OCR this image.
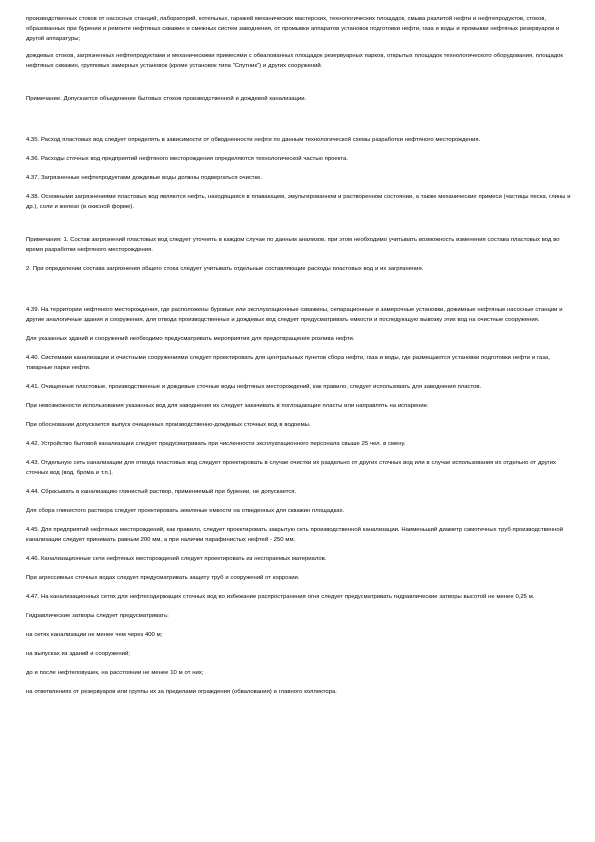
производственных стоков от насосных станций, лабораторий, котельных, гаражей механических мастерских, технологических площадок, смыва разлитой нефти и нефтепродуктов, стоков, образованных при бурении и ремонте нефтяных скважин и смежных систем заводнения, от промывки аппаратов установок подготовки нефти, газа и воды и промывки нефтяных резервуаров и другой аппаратуры;

дождевых стоков, загрязненных нефтепродуктами и механическими примесями с обвалованных площадок резервуарных парков, открытых площадок технологического оборудования, площадок нефтяных скважин, групповых замерных установок (кроме установок типа "Спутник") и других сооружений.

Примечание. Допускается объединение бытовых стоков производственной и дождевой канализации.

4.35. Расход пластовых вод следует определять в зависимости от обводненности нефти по данным технологической схемы разработки нефтяного месторождения.

4.36. Расходы сточных вод предприятий нефтяного месторождения определяются технологической частью проекта.

4.37. Загрязненные нефтепродуктами дождевые воды должны подвергаться очистке.

4.38. Основными загрязнениями пластовых вод являются нефть, находящаяся в плавающем, эмульгированном и растворенном состоянии, а также механические примеси (частицы песка, глины и др.), соли и железо (в окисной форме).

Примечания: 1. Состав загрязнений пластовых вод следует уточнять в каждом случае по данным анализов, при этом необходимо учитывать возможность изменения состава пластовых вод во время разработки нефтяного месторождения.

2. При определении состава загрязнения общего стока следует учитывать отдельные составляющие расходы пластовых вод и их загрязнения.

4.39. На территории нефтяного месторождения, где расположены буровые или эксплуатационные скважины, сепарационные и замерочные установки, дожимные нефтяные насосные станции и другие аналогичные здания и сооружения, для отвода производственных и дождевых вод следует предусматривать емкости и последующую вывозку этих вод на очистные сооружения.

Для указанных зданий и сооружений необходимо предусматривать мероприятия для предотвращения розлива нефти.

4.40. Системами канализации и очистными сооружениями следует проектировать для центральных пунктов сбора нефти, газа и воды, где размещаются установки подготовки нефти и газа, товарные парки нефти.

4.41. Очищенные пластовые, производственные и дождевые сточные воды нефтяных месторождений, как правило, следует использовать для заводнения пластов.

При невозможности использования указанных вод для заводнения их следует закачивать в поглощающие пласты или направлять на испарение.

При обосновании допускается выпуск очищенных производственно-дождевых сточных вод в водоемы.

4.42. Устройство бытовой канализации следует предусматривать при численности эксплуатационного персонала свыше 25 чел. в смену.

4.43. Отдельную сеть канализации для отвода пластовых вод следует проектировать в случае очистки их раздельно от других сточных вод или в случае использования их отдельно от других сточных вод (вод, брома и т.п.).

4.44. Сбрасывать в канализацию глинистый раствор, применяемый при бурении, не допускается.

Для сбора глинистого раствора следует проектировать земляные емкости на отведенных для скважин площадках.

4.45. Для предприятий нефтяных месторождений, как правило, следует проектировать закрытую сеть производственной канализации. Наименьший диаметр самотечных труб производственной канализации следует принимать равным 200 мм, а при наличии парафинистых нефтей - 250 мм.

4.46. Канализационные сети нефтяных месторождений следует проектировать из несгораемых материалов.

При агрессивных сточных водах следует предусматривать защиту труб и сооружений от коррозии.

4.47. На канализационных сетях для нефтесодержащих сточных вод во избежание распространения огня следует предусматривать гидравлические затворы высотой не менее 0,25 м.

Гидравлические затворы следует предусматривать:

на сетях канализации не менее чем через 400 м;

на выпусках из зданий и сооружений;

до и после нефтеловушек, на расстоянии не менее 10 м от них;

на ответвлениях от резервуаров или группы их за пределами ограждения (обвалования) и главного коллектора.
